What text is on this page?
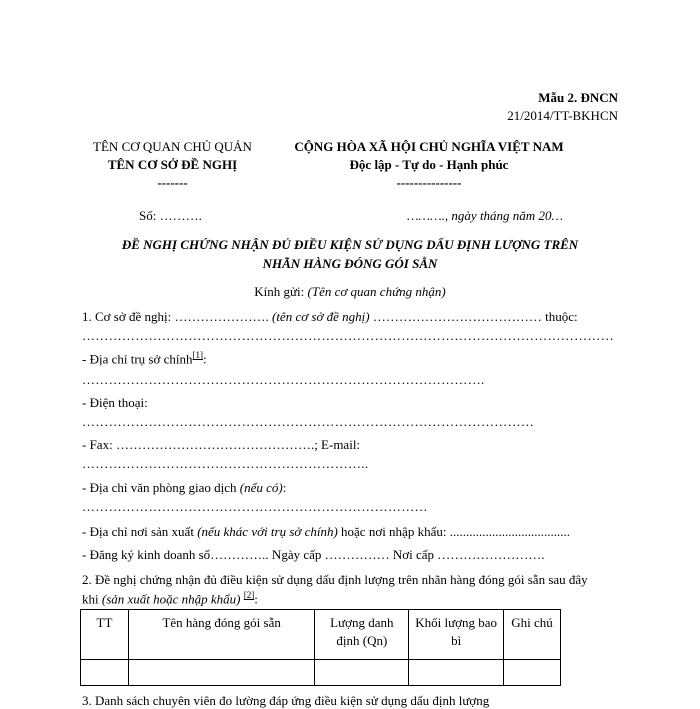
Mẫu 2. ĐNCN
21/2014/TT-BKHCN
TÊN CƠ QUAN CHỦ QUẢN
TÊN CƠ SỞ ĐỀ NGHỊ
-------
Số: ……….
CỘNG HÒA XÃ HỘI CHỦ NGHĨA VIỆT NAM
Độc lập - Tự do - Hạnh phúc
---------------
………., ngày tháng năm 20…
ĐỀ NGHỊ CHỨNG NHẬN ĐỦ ĐIỀU KIỆN SỬ DỤNG DẤU ĐỊNH LƯỢNG TRÊN
NHÃN HÀNG ĐÓNG GÓI SẴN
Kính gửi: (Tên cơ quan chứng nhận)
1. Cơ sở đề nghị: …………………. (tên cơ sở đề nghị) ………………………………… thuộc:
…………………………………………………………………………………………………………
- Địa chỉ trụ sở chính[1]:
……………………………………………………………………………….
- Điện thoại:
…………………………………………………………………………………………
- Fax: ……………………………………….; E-mail:
………………………………………………………..
- Địa chỉ văn phòng giao dịch (nếu có):
……………………………………………………………………
- Địa chỉ nơi sản xuất (nếu khác với trụ sở chính) hoặc nơi nhập khẩu: .....................................
- Đăng ký kinh doanh số………….. Ngày cấp …………… Nơi cấp …………………….
2. Đề nghị chứng nhận đủ điều kiện sử dụng dấu định lượng trên nhãn hàng đóng gói sẵn sau đây
khi (sản xuất hoặc nhập khẩu) [2]:
TT	Tên hàng đóng gói sẵn	Lượng danh định (Qn)	Khối lượng bao bì	Ghi chú

3. Danh sách chuyên viên đo lường đáp ứng điều kiện sử dụng dấu định lượng
